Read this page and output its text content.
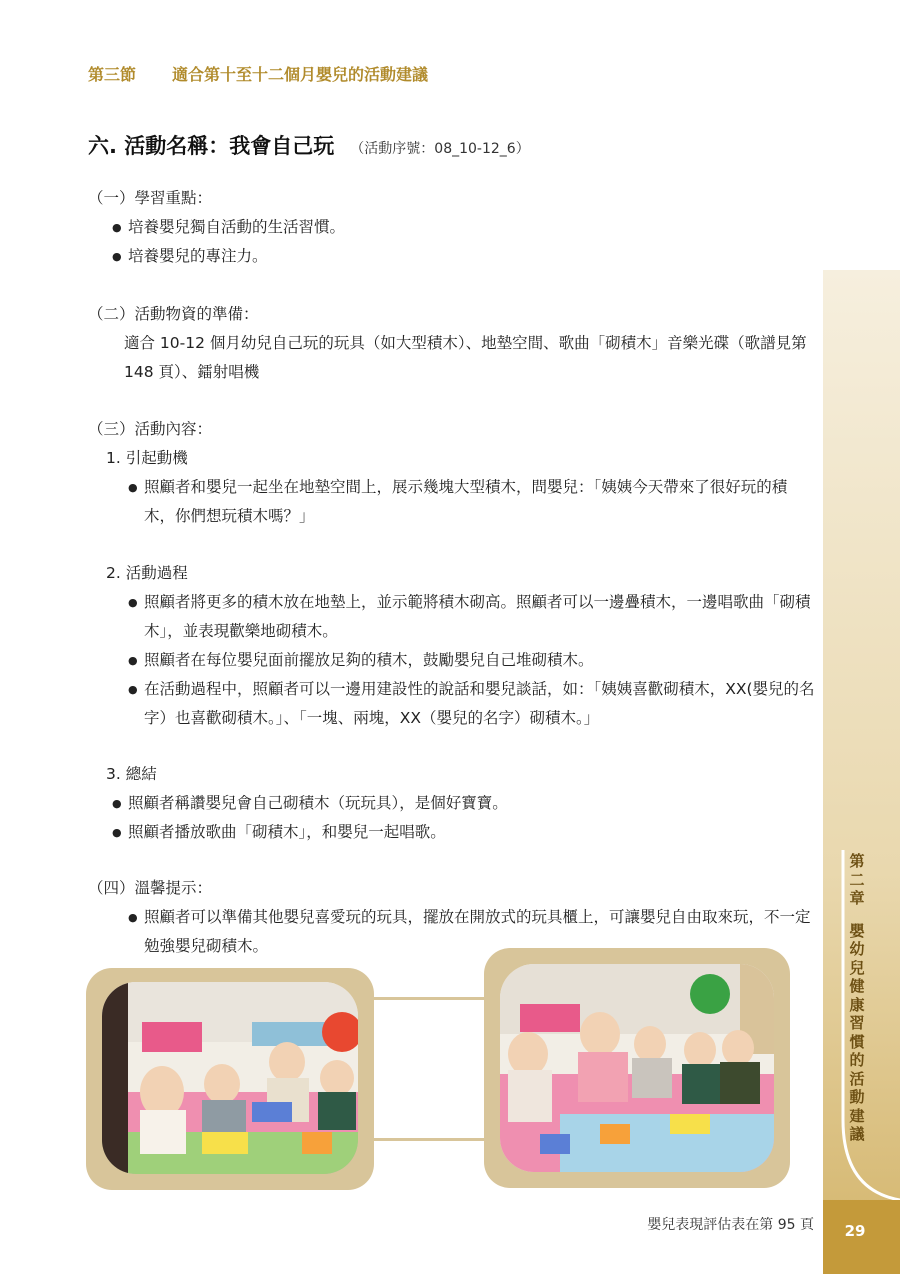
第三節 適合第十至十二個月嬰兒的活動建議
六. 活動名稱：我會自己玩 （活動序號：08_10-12_6）
（一）學習重點：
● 培養嬰兒獨自活動的生活習慣。
● 培養嬰兒的專注力。
（二）活動物資的準備：
適合 10-12 個月幼兒自己玩的玩具（如大型積木）、地墊空間、歌曲「砌積木」音樂光碟（歌譜見第 148 頁）、鐳射唱機
（三）活動內容：
1. 引起動機
● 照顧者和嬰兒一起坐在地墊空間上，展示幾塊大型積木，問嬰兒：「姨姨今天帶來了很好玩的積木，你們想玩積木嗎？」
2. 活動過程
● 照顧者將更多的積木放在地墊上，並示範將積木砌高。照顧者可以一邊疊積木，一邊唱歌曲「砌積木」，並表現歡樂地砌積木。
● 照顧者在每位嬰兒面前擺放足夠的積木，鼓勵嬰兒自己堆砌積木。
● 在活動過程中，照顧者可以一邊用建設性的說話和嬰兒談話，如：「姨姨喜歡砌積木，XX(嬰兒的名字）也喜歡砌積木。」、「一塊、兩塊，XX（嬰兒的名字）砌積木。」
3. 總結
● 照顧者稱讚嬰兒會自己砌積木（玩玩具），是個好寶寶。
● 照顧者播放歌曲「砌積木」，和嬰兒一起唱歌。
（四）溫馨提示：
● 照顧者可以準備其他嬰兒喜愛玩的玩具，擺放在開放式的玩具櫃上，可讓嬰兒自由取來玩，不一定勉強嬰兒砌積木。
第二章
嬰幼兒健康習慣的活動建議
29
嬰兒表現評估表在第 95 頁
